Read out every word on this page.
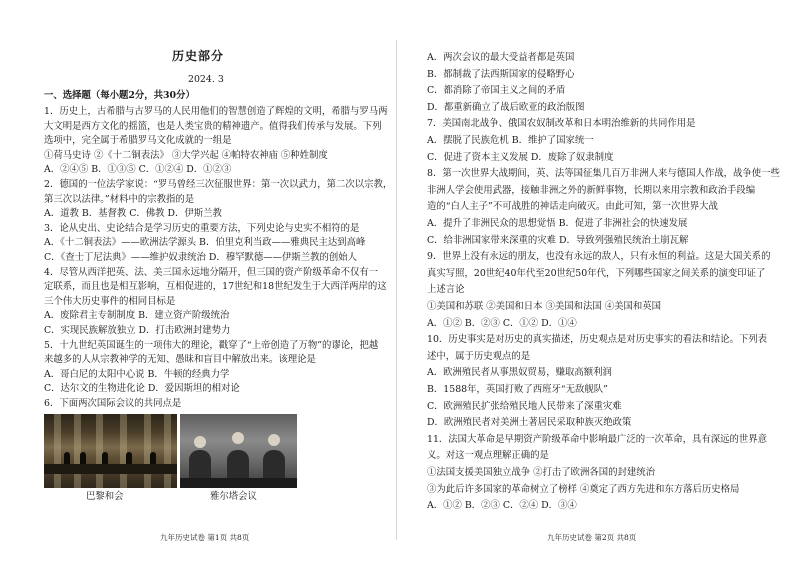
历史部分
2024. 3
一、选择题（每小题2分，共30分）
1．历史上，古希腊与古罗马的人民用他们的智慧创造了辉煌的文明，希腊与罗马两
大文明是西方文化的摇篮，也是人类宝贵的精神遗产。值得我们传承与发展。下列
选项中，完全属于希腊罗马文化成就的一组是
①荷马史诗 ②《十二铜表法》 ③大学兴起 ④帕特农神庙 ⑤种姓制度
A．②④⑤ B．①③⑤ C．①②④ D．①②③
2．德国的一位法学家说：“罗马曾经三次征服世界：第一次以武力，第二次以宗教，
第三次以法律。”材料中的宗教指的是
A．道教 B．基督教 C．佛教 D．伊斯兰教
3．论从史出、史论结合是学习历史的重要方法，下列史论与史实不相符的是
A．《十二铜表法》——欧洲法学源头 B．伯里克利当政——雅典民主达到高峰
C．《查士丁尼法典》——维护奴隶统治 D．穆罕默德——伊斯兰教的创始人
4．尽管从西洋把英、法、美三国永远地分隔开，但三国的资产阶级革命不仅有一
定联系，而且也是相互影响，互相促进的，17世纪和18世纪发生于大西洋两岸的这
三个伟大历史事件的相同目标是
A．废除君主专制制度 B．建立资产阶级统治
C．实现民族解放独立 D．打击欧洲封建势力
5．十九世纪英国诞生的一项伟大的理论，戳穿了“上帝创造了万物”的谬论，把越
来越多的人从宗教神学的无知、愚昧和盲目中解放出来。该理论是
A．哥白尼的太阳中心说 B．牛顿的经典力学
C．达尔文的生物进化论 D．爱因斯坦的相对论
6．下面两次国际会议的共同点是
巴黎和会	雅尔塔会议
九年历史试卷 第1页 共8页
A．两次会议的最大受益者都是英国
B．都制裁了法西斯国家的侵略野心
C．都消除了帝国主义之间的矛盾
D．都重新确立了战后欧亚的政治版图
7．美国南北战争、俄国农奴制改革和日本明治维新的共同作用是
A．摆脱了民族危机 B．维护了国家统一
C．促进了资本主义发展 D．废除了奴隶制度
8．第一次世界大战期间，英、法等国征集几百万非洲人来与德国人作战，战争使一些
非洲人学会使用武器，接触非洲之外的新鲜事物，长期以来用宗教和政治手段编
造的“白人主子”不可战胜的神话走向破灭。由此可知，第一次世界大战
A．提升了非洲民众的思想觉悟 B．促进了非洲社会的快速发展
C．给非洲国家带来深重的灾难 D．导致列强殖民统治土崩瓦解
9．世界上没有永远的朋友，也没有永远的敌人，只有永恒的利益。这是大国关系的
真实写照，20世纪40年代至20世纪50年代，下列哪些国家之间关系的演变印证了
上述言论
①美国和苏联 ②美国和日本 ③美国和法国 ④美国和英国
A．①② B．②③ C．①② D．①④
10．历史事实是对历史的真实描述，历史观点是对历史事实的看法和结论。下列表
述中，属于历史观点的是
A．欧洲殖民者从事黑奴贸易，赚取高额利润
B．1588年，英国打败了西班牙“无敌舰队”
C．欧洲殖民扩张给殖民地人民带来了深重灾难
D．欧洲殖民者对美洲土著居民采取种族灭绝政策
11．法国大革命是早期资产阶级革命中影响最广泛的一次革命，具有深远的世界意
义。对这一观点理解正确的是
①法国支援美国独立战争 ②打击了欧洲各国的封建统治
③为此后许多国家的革命树立了榜样 ④奠定了西方先进和东方落后历史格局
A．①② B．②③ C．②④ D．③④
九年历史试卷 第2页 共8页
